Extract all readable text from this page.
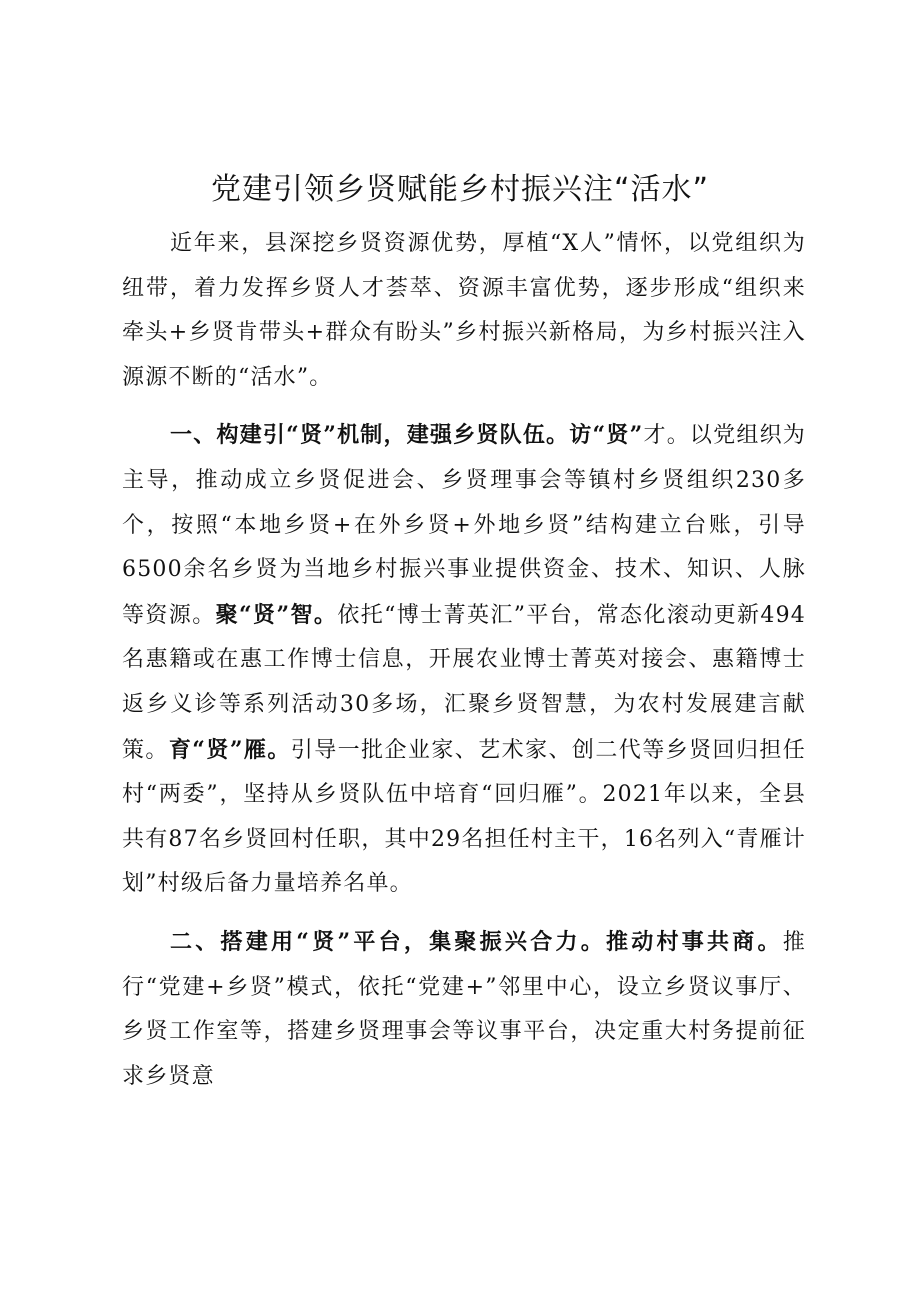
党建引领乡贤赋能乡村振兴注“活水”

近年来，县深挖乡贤资源优势，厚植“X人”情怀，以党组织为纽带，着力发挥乡贤人才荟萃、资源丰富优势，逐步形成“组织来牵头+乡贤肯带头+群众有盼头”乡村振兴新格局，为乡村振兴注入源源不断的“活水”。

一、构建引“贤”机制，建强乡贤队伍。访“贤”才。以党组织为主导，推动成立乡贤促进会、乡贤理事会等镇村乡贤组织230多个，按照“本地乡贤+在外乡贤+外地乡贤”结构建立台账，引导6500余名乡贤为当地乡村振兴事业提供资金、技术、知识、人脉等资源。聚“贤”智。依托“博士菁英汇”平台，常态化滚动更新494名惠籍或在惠工作博士信息，开展农业博士菁英对接会、惠籍博士返乡义诊等系列活动30多场，汇聚乡贤智慧，为农村发展建言献策。育“贤”雁。引导一批企业家、艺术家、创二代等乡贤回归担任村“两委”，坚持从乡贤队伍中培育“回归雁”。2021年以来，全县共有87名乡贤回村任职，其中29名担任村主干，16名列入“青雁计划”村级后备力量培养名单。

二、搭建用“贤”平台，集聚振兴合力。推动村事共商。推行“党建+乡贤”模式，依托“党建+”邻里中心，设立乡贤议事厅、乡贤工作室等，搭建乡贤理事会等议事平台，决定重大村务提前征求乡贤意
